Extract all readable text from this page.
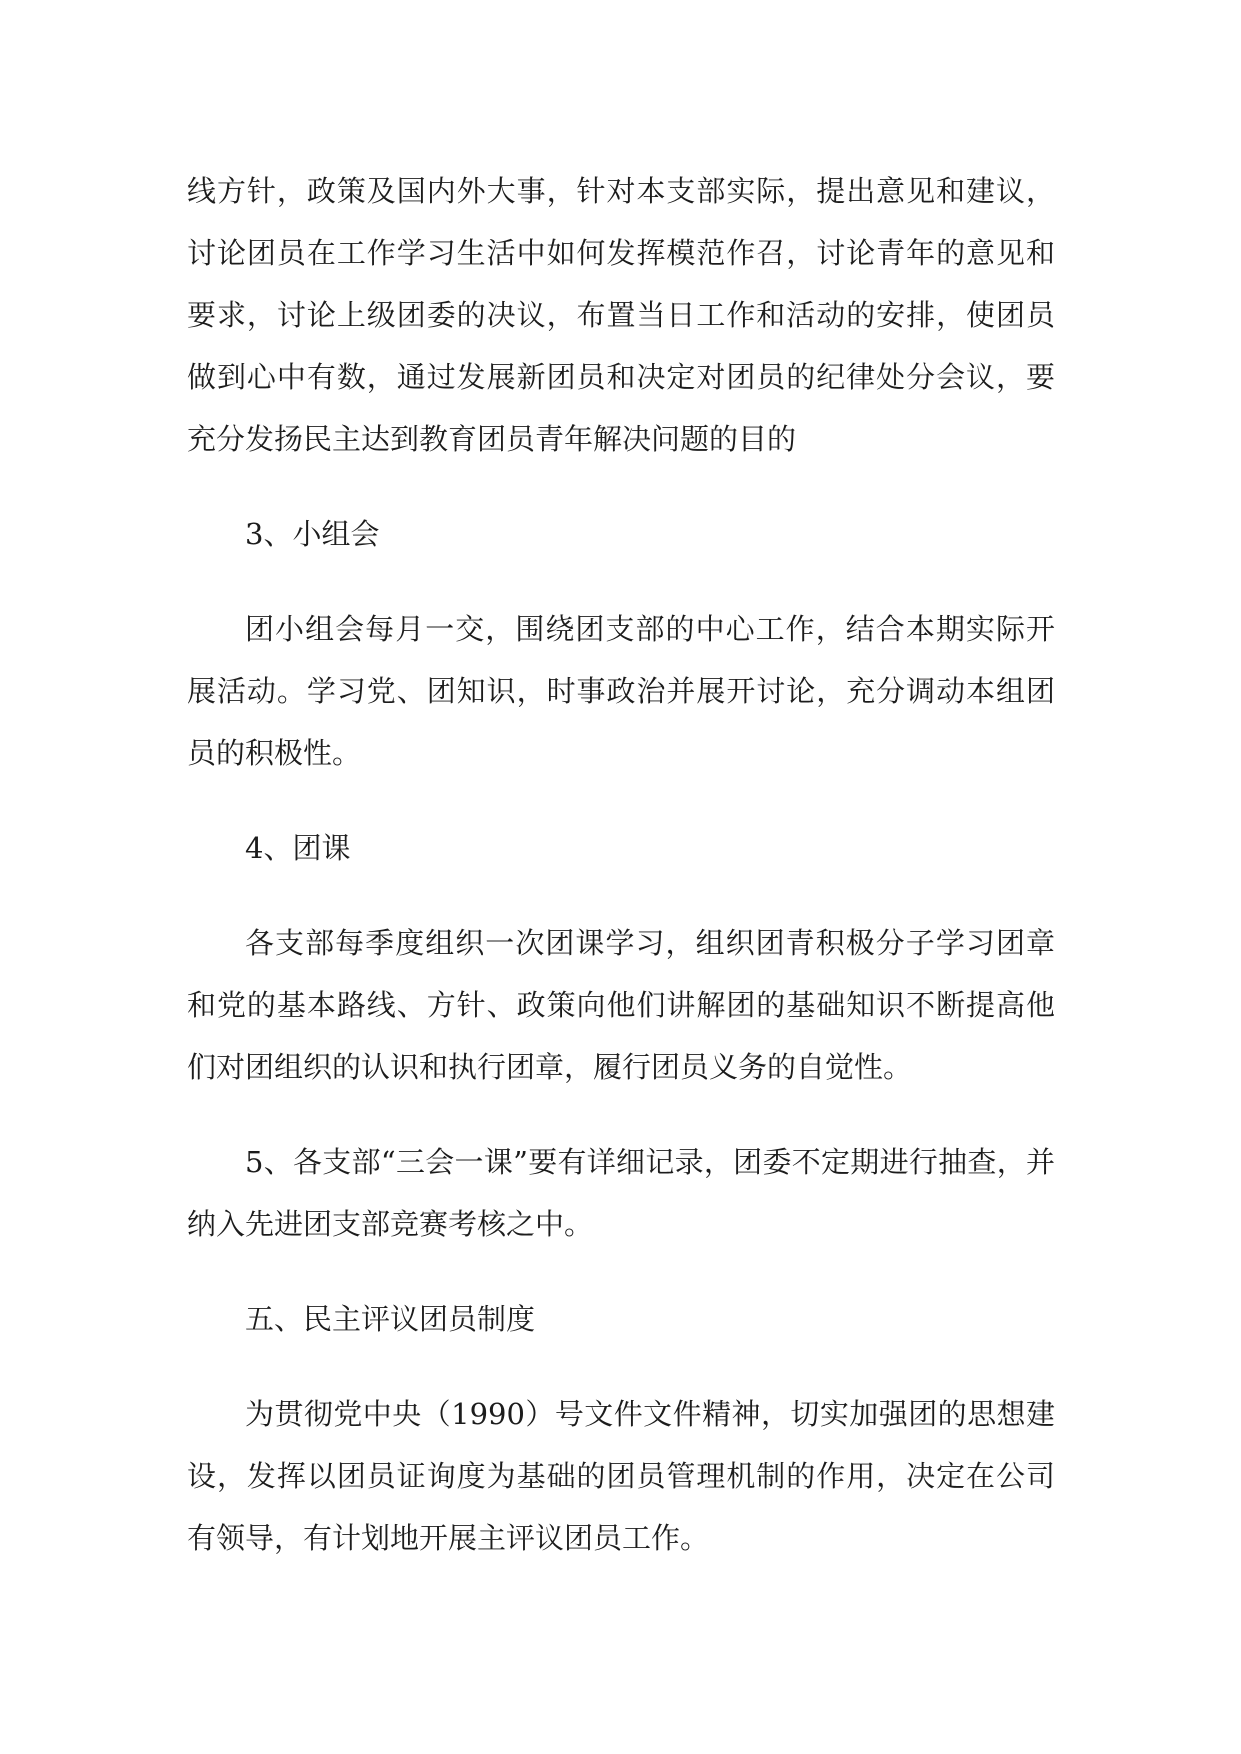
线方针，政策及国内外大事，针对本支部实际，提出意见和建议，讨论团员在工作学习生活中如何发挥模范作召，讨论青年的意见和要求，讨论上级团委的决议，布置当日工作和活动的安排，使团员做到心中有数，通过发展新团员和决定对团员的纪律处分会议，要充分发扬民主达到教育团员青年解决问题的目的

3、小组会

团小组会每月一交，围绕团支部的中心工作，结合本期实际开展活动。学习党、团知识，时事政治并展开讨论，充分调动本组团员的积极性。

4、团课

各支部每季度组织一次团课学习，组织团青积极分子学习团章和党的基本路线、方针、政策向他们讲解团的基础知识不断提高他们对团组织的认识和执行团章，履行团员义务的自觉性。

5、各支部“三会一课”要有详细记录，团委不定期进行抽查，并纳入先进团支部竞赛考核之中。

五、民主评议团员制度

为贯彻党中央（1990）号文件文件精神，切实加强团的思想建设，发挥以团员证询度为基础的团员管理机制的作用，决定在公司有领导，有计划地开展主评议团员工作。
